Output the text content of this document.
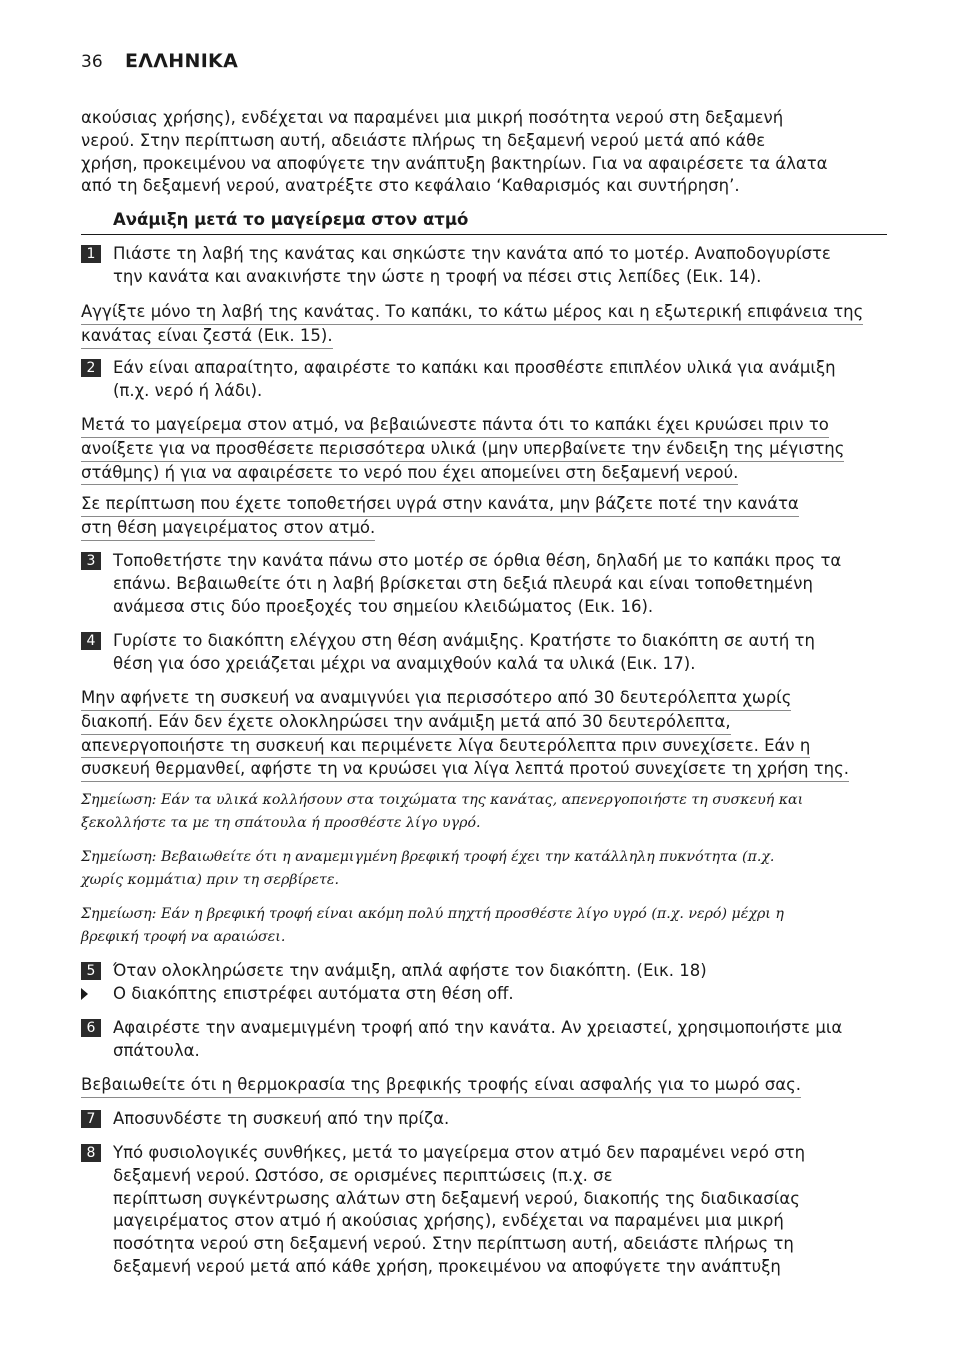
36 ΕΛΛΗΝΙΚΑ
ακούσιας χρήσης), ενδέχεται να παραμένει μια μικρή ποσότητα νερού στη δεξαμενή
νερού. Στην περίπτωση αυτή, αδειάστε πλήρως τη δεξαμενή νερού μετά από κάθε
χρήση, προκειμένου να αποφύγετε την ανάπτυξη βακτηρίων. Για να αφαιρέσετε τα άλατα
από τη δεξαμενή νερού, ανατρέξτε στο κεφάλαιο ‘Καθαρισμός και συντήρηση’.
Ανάμιξη μετά το μαγείρεμα στον ατμό
1	Πιάστε τη λαβή της κανάτας και σηκώστε την κανάτα από το μοτέρ. Αναποδογυρίστε
την κανάτα και ανακινήστε την ώστε η τροφή να πέσει στις λεπίδες (Εικ. 14).
Αγγίξτε μόνο τη λαβή της κανάτας. Το καπάκι, το κάτω μέρος και η εξωτερική επιφάνεια της
κανάτας είναι ζεστά (Εικ. 15).
2	Εάν είναι απαραίτητο, αφαιρέστε το καπάκι και προσθέστε επιπλέον υλικά για ανάμιξη
(π.χ. νερό ή λάδι).
Μετά το μαγείρεμα στον ατμό, να βεβαιώνεστε πάντα ότι το καπάκι έχει κρυώσει πριν το
ανοίξετε για να προσθέσετε περισσότερα υλικά (μην υπερβαίνετε την ένδειξη της μέγιστης
στάθμης) ή για να αφαιρέσετε το νερό που έχει απομείνει στη δεξαμενή νερού.
Σε περίπτωση που έχετε τοποθετήσει υγρά στην κανάτα, μην βάζετε ποτέ την κανάτα
στη θέση μαγειρέματος στον ατμό.
3	Τοποθετήστε την κανάτα πάνω στο μοτέρ σε όρθια θέση, δηλαδή με το καπάκι προς τα
επάνω. Βεβαιωθείτε ότι η λαβή βρίσκεται στη δεξιά πλευρά και είναι τοποθετημένη
ανάμεσα στις δύο προεξοχές του σημείου κλειδώματος (Εικ. 16).
4	Γυρίστε το διακόπτη ελέγχου στη θέση ανάμιξης. Κρατήστε το διακόπτη σε αυτή τη
θέση για όσο χρειάζεται μέχρι να αναμιχθούν καλά τα υλικά (Εικ. 17).
Μην αφήνετε τη συσκευή να αναμιγνύει για περισσότερο από 30 δευτερόλεπτα χωρίς
διακοπή. Εάν δεν έχετε ολοκληρώσει την ανάμιξη μετά από 30 δευτερόλεπτα,
απενεργοποιήστε τη συσκευή και περιμένετε λίγα δευτερόλεπτα πριν συνεχίσετε. Εάν η
συσκευή θερμανθεί, αφήστε τη να κρυώσει για λίγα λεπτά προτού συνεχίσετε τη χρήση της.
Σημείωση: Εάν τα υλικά κολλήσουν στα τοιχώματα της κανάτας, απενεργοποιήστε τη συσκευή και
ξεκολλήστε τα με τη σπάτουλα ή προσθέστε λίγο υγρό.
Σημείωση: Βεβαιωθείτε ότι η αναμεμιγμένη βρεφική τροφή έχει την κατάλληλη πυκνότητα (π.χ.
χωρίς κομμάτια) πριν τη σερβίρετε.
Σημείωση: Εάν η βρεφική τροφή είναι ακόμη πολύ πηχτή προσθέστε λίγο υγρό (π.χ. νερό) μέχρι η
βρεφική τροφή να αραιώσει.
5	Όταν ολοκληρώσετε την ανάμιξη, απλά αφήστε τον διακόπτη. (Εικ. 18)
Ο διακόπτης επιστρέφει αυτόματα στη θέση off.
6	Αφαιρέστε την αναμεμιγμένη τροφή από την κανάτα. Αν χρειαστεί, χρησιμοποιήστε μια
σπάτουλα.
Βεβαιωθείτε ότι η θερμοκρασία της βρεφικής τροφής είναι ασφαλής για το μωρό σας.
7	Αποσυνδέστε τη συσκευή από την πρίζα.
8	Υπό φυσιολογικές συνθήκες, μετά το μαγείρεμα στον ατμό δεν παραμένει νερό στη
δεξαμενή νερού. Ωστόσο, σε ορισμένες περιπτώσεις (π.χ. σε
περίπτωση συγκέντρωσης αλάτων στη δεξαμενή νερού, διακοπής της διαδικασίας
μαγειρέματος στον ατμό ή ακούσιας χρήσης), ενδέχεται να παραμένει μια μικρή
ποσότητα νερού στη δεξαμενή νερού. Στην περίπτωση αυτή, αδειάστε πλήρως τη
δεξαμενή νερού μετά από κάθε χρήση, προκειμένου να αποφύγετε την ανάπτυξη
